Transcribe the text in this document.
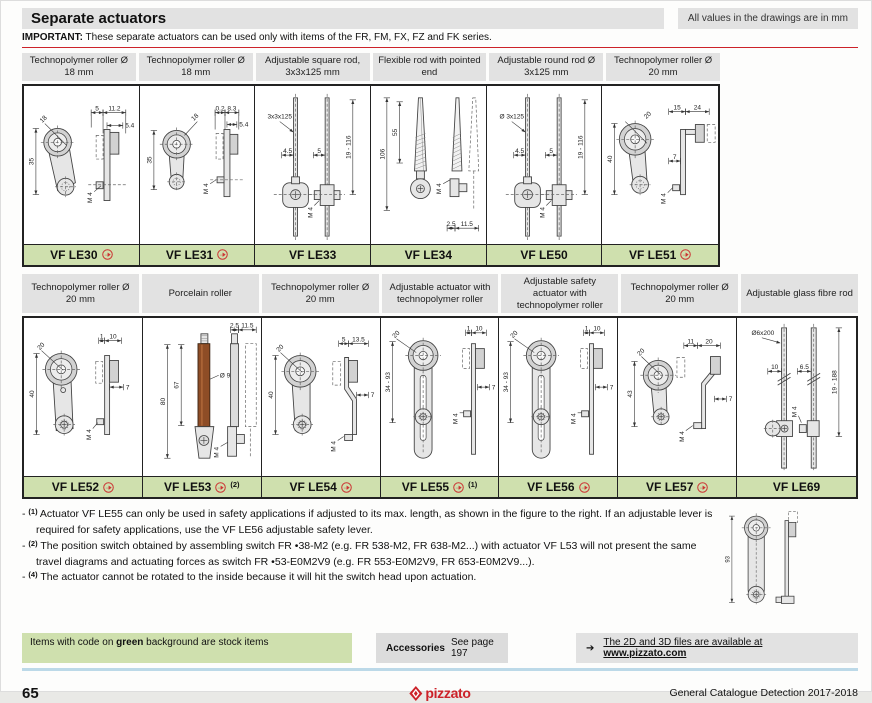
Separate actuators	All values in the drawings are in mm
IMPORTANT: These separate actuators can be used only with items of the FR, FM, FX, FZ and FK series.
Technopolymer roller Ø 18 mm
Technopolymer roller Ø 18 mm
Adjustable square rod, 3x3x125 mm
Flexible rod with pointed end
Adjustable round rod Ø 3x125 mm
Technopolymer roller Ø 20 mm
18
35
5 11.2
5.4
M 4
VF LE30
18
35
0.2 8.3
5.4
M 4
VF LE31
3x3x125
4.5	5
M 4
19 - 116
VF LE33
106
55
M 4
2.5 11.5
VF LE34
Ø 3x125
4.5	5
M 4
19 - 116
VF LE50
20
40
15 24
7
M 4
VF LE51
Technopolymer roller Ø 20 mm
Porcelain roller
Technopolymer roller Ø 20 mm
Adjustable actuator with technopolymer roller
Adjustable safety actuator with technopolymer roller
Technopolymer roller Ø 20 mm
Adjustable glass fibre rod
20
40
1 10
7
M 4
VF LE52
80
67
Ø 9
2.5 11.5
M 4
VF LE53	(2)
20
40
5 13.5
7
M 4
VF LE54
20
34 - 93
1 10
7
M 4
VF LE55	(1)
20
34 - 93
1 10
7
M 4
VF LE56
20
43
11 20
7
M 4
VF LE57
M 4
Ø6x200
10	6.5
19 - 188
VF LE69
- $^{(1)}$ Actuator VF LE55 can only be used in safety applications if adjusted to its max. length, as shown in the figure to the right. If an adjustable lever is required for safety applications, use the VF LE56 adjustable safety lever.
- $^{(2)}$ The position switch obtained by assembling switch FR •38-M2 (e.g. FR 538-M2, FR 638-M2...) with actuator VF L53 will not present the same travel diagrams and actuating forces as switch FR •53-E0M2V9 (e.g. FR 553-E0M2V9, FR 653-E0M2V9...).
- $^{(4)}$ The actuator cannot be rotated to the inside because it will hit the switch head upon actuation.
93
Items with code on green background are stock items	Accessories See page 197	➔ The 2D and 3D files are available at www.pizzato.com
65	pizzato	General Catalogue Detection 2017-2018
